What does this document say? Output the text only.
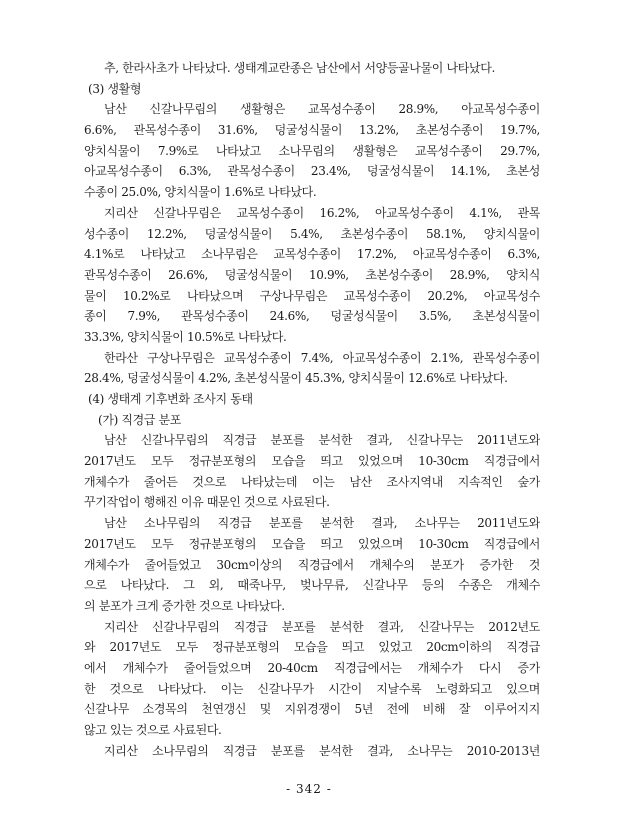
추, 한라사초가 나타났다. 생태계교란종은 남산에서 서양등골나물이 나타났다.
(3) 생활형
남산 신갈나무림의 생활형은 교목성수종이 28.9%, 아교목성수종이
6.6%, 관목성수종이 31.6%, 덩굴성식물이 13.2%, 초본성수종이 19.7%,
양치식물이 7.9%로 나타났고 소나무림의 생활형은 교목성수종이 29.7%,
아교목성수종이 6.3%, 관목성수종이 23.4%, 덩굴성식물이 14.1%, 초본성
수종이 25.0%, 양치식물이 1.6%로 나타났다.
지리산 신갈나무림은 교목성수종이 16.2%, 아교목성수종이 4.1%, 관목
성수종이 12.2%, 덩굴성식물이 5.4%, 초본성수종이 58.1%, 양치식물이
4.1%로 나타났고 소나무림은 교목성수종이 17.2%, 아교목성수종이 6.3%,
관목성수종이 26.6%, 덩굴성식물이 10.9%, 초본성수종이 28.9%, 양치식
물이 10.2%로 나타났으며 구상나무림은 교목성수종이 20.2%, 아교목성수
종이 7.9%, 관목성수종이 24.6%, 덩굴성식물이 3.5%, 초본성식물이
33.3%, 양치식물이 10.5%로 나타났다.
한라산 구상나무림은 교목성수종이 7.4%, 아교목성수종이 2.1%, 관목성수종이
28.4%, 덩굴성식물이 4.2%, 초본성식물이 45.3%, 양치식물이 12.6%로 나타났다.
(4) 생태계 기후변화 조사지 동태
(가) 직경급 분포
남산 신갈나무림의 직경급 분포를 분석한 결과, 신갈나무는 2011년도와
2017년도 모두 정규분포형의 모습을 띄고 있었으며 10-30cm 직경급에서
개체수가 줄어든 것으로 나타났는데 이는 남산 조사지역내 지속적인 숲가
꾸기작업이 행해진 이유 때문인 것으로 사료된다.
남산 소나무림의 직경급 분포를 분석한 결과, 소나무는 2011년도와
2017년도 모두 정규분포형의 모습을 띄고 있었으며 10-30cm 직경급에서
개체수가 줄어들었고 30cm이상의 직경급에서 개체수의 분포가 증가한 것
으로 나타났다. 그 외, 때죽나무, 벚나무류, 신갈나무 등의 수종은 개체수
의 분포가 크게 증가한 것으로 나타났다.
지리산 신갈나무림의 직경급 분포를 분석한 결과, 신갈나무는 2012년도
와 2017년도 모두 정규분포형의 모습을 띄고 있었고 20cm이하의 직경급
에서 개체수가 줄어들었으며 20-40cm 직경급에서는 개체수가 다시 증가
한 것으로 나타났다. 이는 신갈나무가 시간이 지날수록 노령화되고 있으며
신갈나무 소경목의 천연갱신 및 지위경쟁이 5년 전에 비해 잘 이루어지지
않고 있는 것으로 사료된다.
지리산 소나무림의 직경급 분포를 분석한 결과, 소나무는 2010-2013년
- 342 -
